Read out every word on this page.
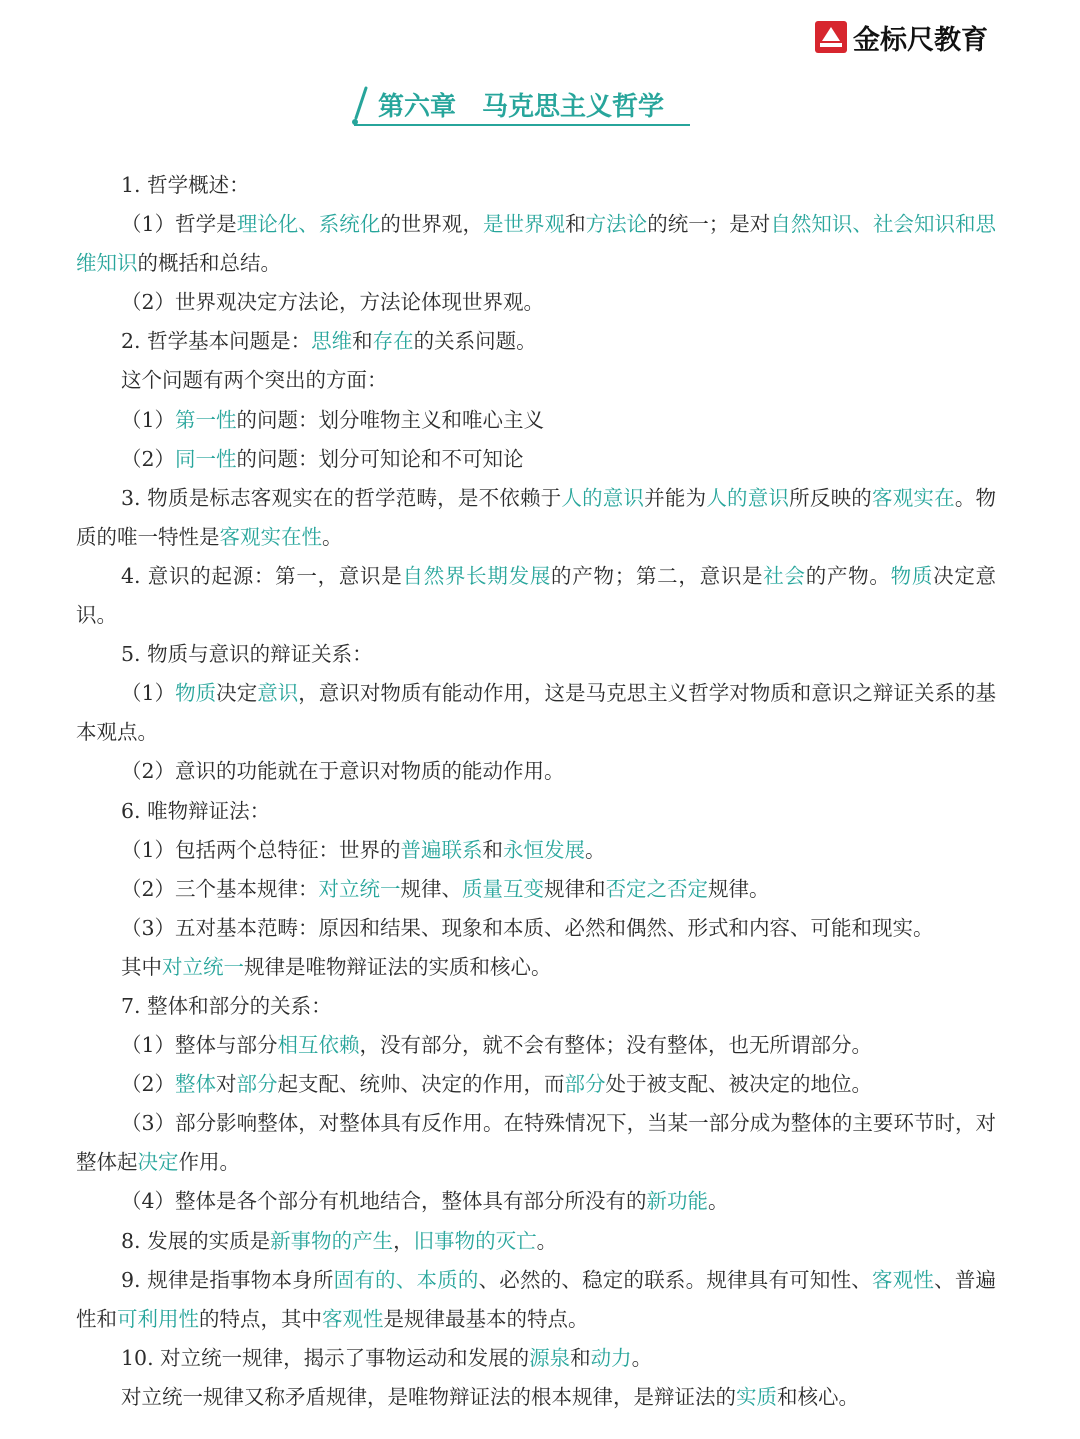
金标尺教育
第六章　马克思主义哲学

1. 哲学概述：

（1）哲学是理论化、系统化的世界观，是世界观和方法论的统一；是对自然知识、社会知识和思维知识的概括和总结。

（2）世界观决定方法论，方法论体现世界观。

2. 哲学基本问题是：思维和存在的关系问题。

这个问题有两个突出的方面：

（1）第一性的问题：划分唯物主义和唯心主义

（2）同一性的问题：划分可知论和不可知论

3. 物质是标志客观实在的哲学范畴，是不依赖于人的意识并能为人的意识所反映的客观实在。物质的唯一特性是客观实在性。

4. 意识的起源：第一，意识是自然界长期发展的产物；第二，意识是社会的产物。物质决定意识。

5. 物质与意识的辩证关系：

（1）物质决定意识，意识对物质有能动作用，这是马克思主义哲学对物质和意识之辩证关系的基本观点。

（2）意识的功能就在于意识对物质的能动作用。

6. 唯物辩证法：

（1）包括两个总特征：世界的普遍联系和永恒发展。

（2）三个基本规律：对立统一规律、质量互变规律和否定之否定规律。

（3）五对基本范畴：原因和结果、现象和本质、必然和偶然、形式和内容、可能和现实。

其中对立统一规律是唯物辩证法的实质和核心。

7. 整体和部分的关系：

（1）整体与部分相互依赖，没有部分，就不会有整体；没有整体，也无所谓部分。

（2）整体对部分起支配、统帅、决定的作用，而部分处于被支配、被决定的地位。

（3）部分影响整体，对整体具有反作用。在特殊情况下，当某一部分成为整体的主要环节时，对整体起决定作用。

（4）整体是各个部分有机地结合，整体具有部分所没有的新功能。

8. 发展的实质是新事物的产生，旧事物的灭亡。

9. 规律是指事物本身所固有的、本质的、必然的、稳定的联系。规律具有可知性、客观性、普遍性和可利用性的特点，其中客观性是规律最基本的特点。

10. 对立统一规律，揭示了事物运动和发展的源泉和动力。

对立统一规律又称矛盾规律，是唯物辩证法的根本规律，是辩证法的实质和核心。
